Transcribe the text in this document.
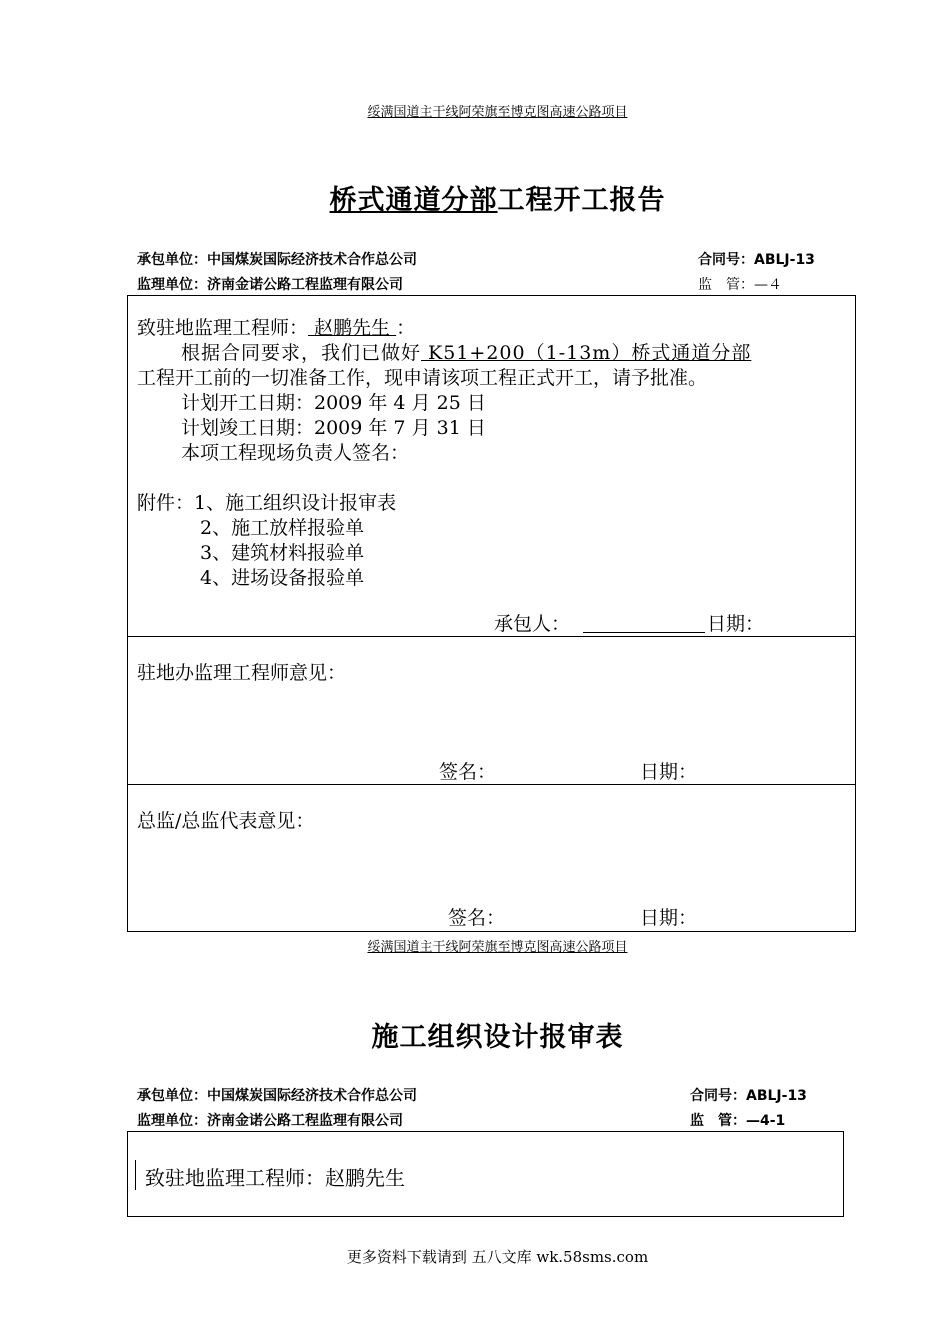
绥满国道主干线阿荣旗至博克图高速公路项目
桥式通道分部工程开工报告
承包单位：中国煤炭国际经济技术合作总公司	合同号：ABLJ-13
监理单位：济南金诺公路工程监理有限公司	监　管：—４
致驻地监理工程师： 赵鹏先生 ：
根据合同要求，我们已做好 K51+200（1-13m）桥式通道分部
工程开工前的一切准备工作，现申请该项工程正式开工，请予批准。
计划开工日期：2009 年 4 月 25 日
计划竣工日期：2009 年 7 月 31 日
本项工程现场负责人签名：
附件：1、施工组织设计报审表
2、施工放样报验单
3、建筑材料报验单
4、进场设备报验单
承包人：	日期：
驻地办监理工程师意见：
签名：	日期：
总监/总监代表意见：
签名：	日期：
绥满国道主干线阿荣旗至博克图高速公路项目
施工组织设计报审表
承包单位：中国煤炭国际经济技术合作总公司	合同号：ABLJ-13
监理单位：济南金诺公路工程监理有限公司	监　管：—4-1
致驻地监理工程师：赵鹏先生
更多资料下载请到 五八文库 wk.58sms.com
